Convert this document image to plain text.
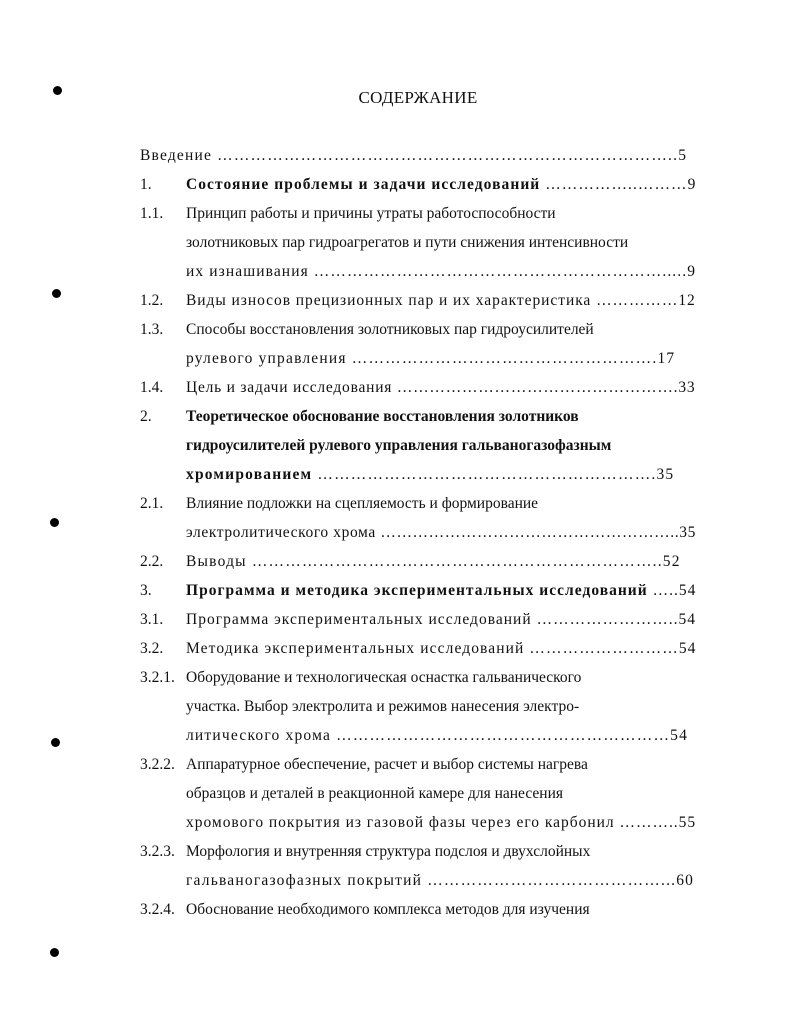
СОДЕРЖАНИЕ
Введение ………………………………………………………………………..5
1. Состояние проблемы и задачи исследований ……………..………9
1.1. Принцип работы и причины утраты работоспособности
золотниковых пар гидроагрегатов и пути снижения интенсивности
их изнашивания ……………………………………………………….....9
1.2. Виды износов прецизионных пар и их характеристика ……………12
1.3. Способы восстановления золотниковых пар гидроусилителей
рулевого управления ……………………………………………….17
1.4. Цель и задачи исследования …………………………………………….33
2. Теоретическое обоснование восстановления золотников
гидроусилителей рулевого управления гальваногазофазным
хромированием …………………………………………………….35
2.1. Влияние подложки на сцепляемость и формирование
электролитического хрома ………………………………………………..35
2.2. Выводы ………………………………………………………………..52
3. Программа и методика экспериментальных исследований …..54
3.1. Программа экспериментальных исследований ……………………..54
3.2. Методика экспериментальных исследований ………………………54
3.2.1. Оборудование и технологическая оснастка гальванического
участка. Выбор электролита и режимов нанесения электро-
литического хрома ……………………………………………………54
3.2.2. Аппаратурное обеспечение, расчет и выбор системы нагрева
образцов и деталей в реакционной камере для нанесения
хромового покрытия из газовой фазы через его карбонил ………..55
3.2.3. Морфология и внутренняя структура подслоя и двухслойных
гальваногазофазных покрытий ……………………………………...60
3.2.4. Обоснование необходимого комплекса методов для изучения
